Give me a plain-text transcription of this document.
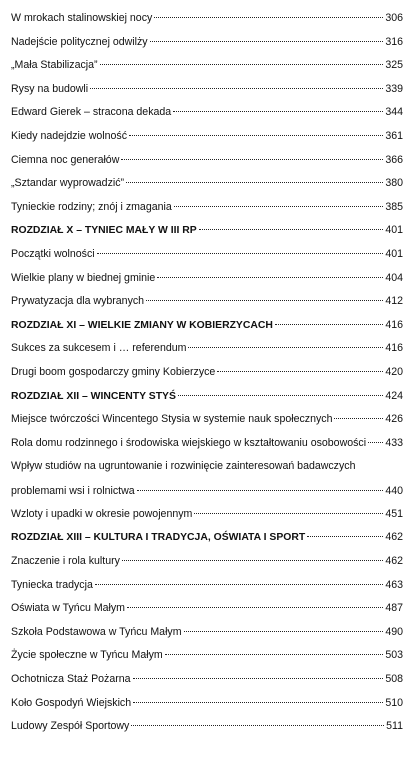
W mrokach stalinowskiej nocy	306
Nadejście politycznej odwilży	316
„Mała Stabilizacja”	325
Rysy na budowli	339
Edward Gierek – stracona dekada	344
Kiedy nadejdzie wolność	361
Ciemna noc generałów	366
„Sztandar wyprowadzić”	380
Tynieckie rodziny; znój i zmagania	385
ROZDZIAŁ X – TYNIEC MAŁY W III RP	401
Początki wolności	401
Wielkie plany w biednej gminie	404
Prywatyzacja dla wybranych	412
ROZDZIAŁ XI – WIELKIE ZMIANY W KOBIERZYCACH	416
Sukces za sukcesem i … referendum	416
Drugi boom gospodarczy gminy Kobierzyce	420
ROZDZIAŁ XII – WINCENTY STYŚ	424
Miejsce twórczości Wincentego Stysia w systemie nauk społecznych	426
Rola domu rodzinnego i środowiska wiejskiego w kształtowaniu osobowości 433
Wpływ studiów na ugruntowanie i rozwinięcie zainteresowań badawczych
problemami wsi i rolnictwa	440
Wzloty i upadki w okresie powojennym	451
ROZDZIAŁ XIII – KULTURA I TRADYCJA, OŚWIATA I SPORT	462
Znaczenie i rola kultury	462
Tyniecka tradycja	463
Oświata w Tyńcu Małym	487
Szkoła Podstawowa w Tyńcu Małym	490
Życie społeczne w Tyńcu Małym	503
Ochotnicza Staż Pożarna	508
Koło Gospodyń Wiejskich	510
Ludowy Zespół Sportowy	511
